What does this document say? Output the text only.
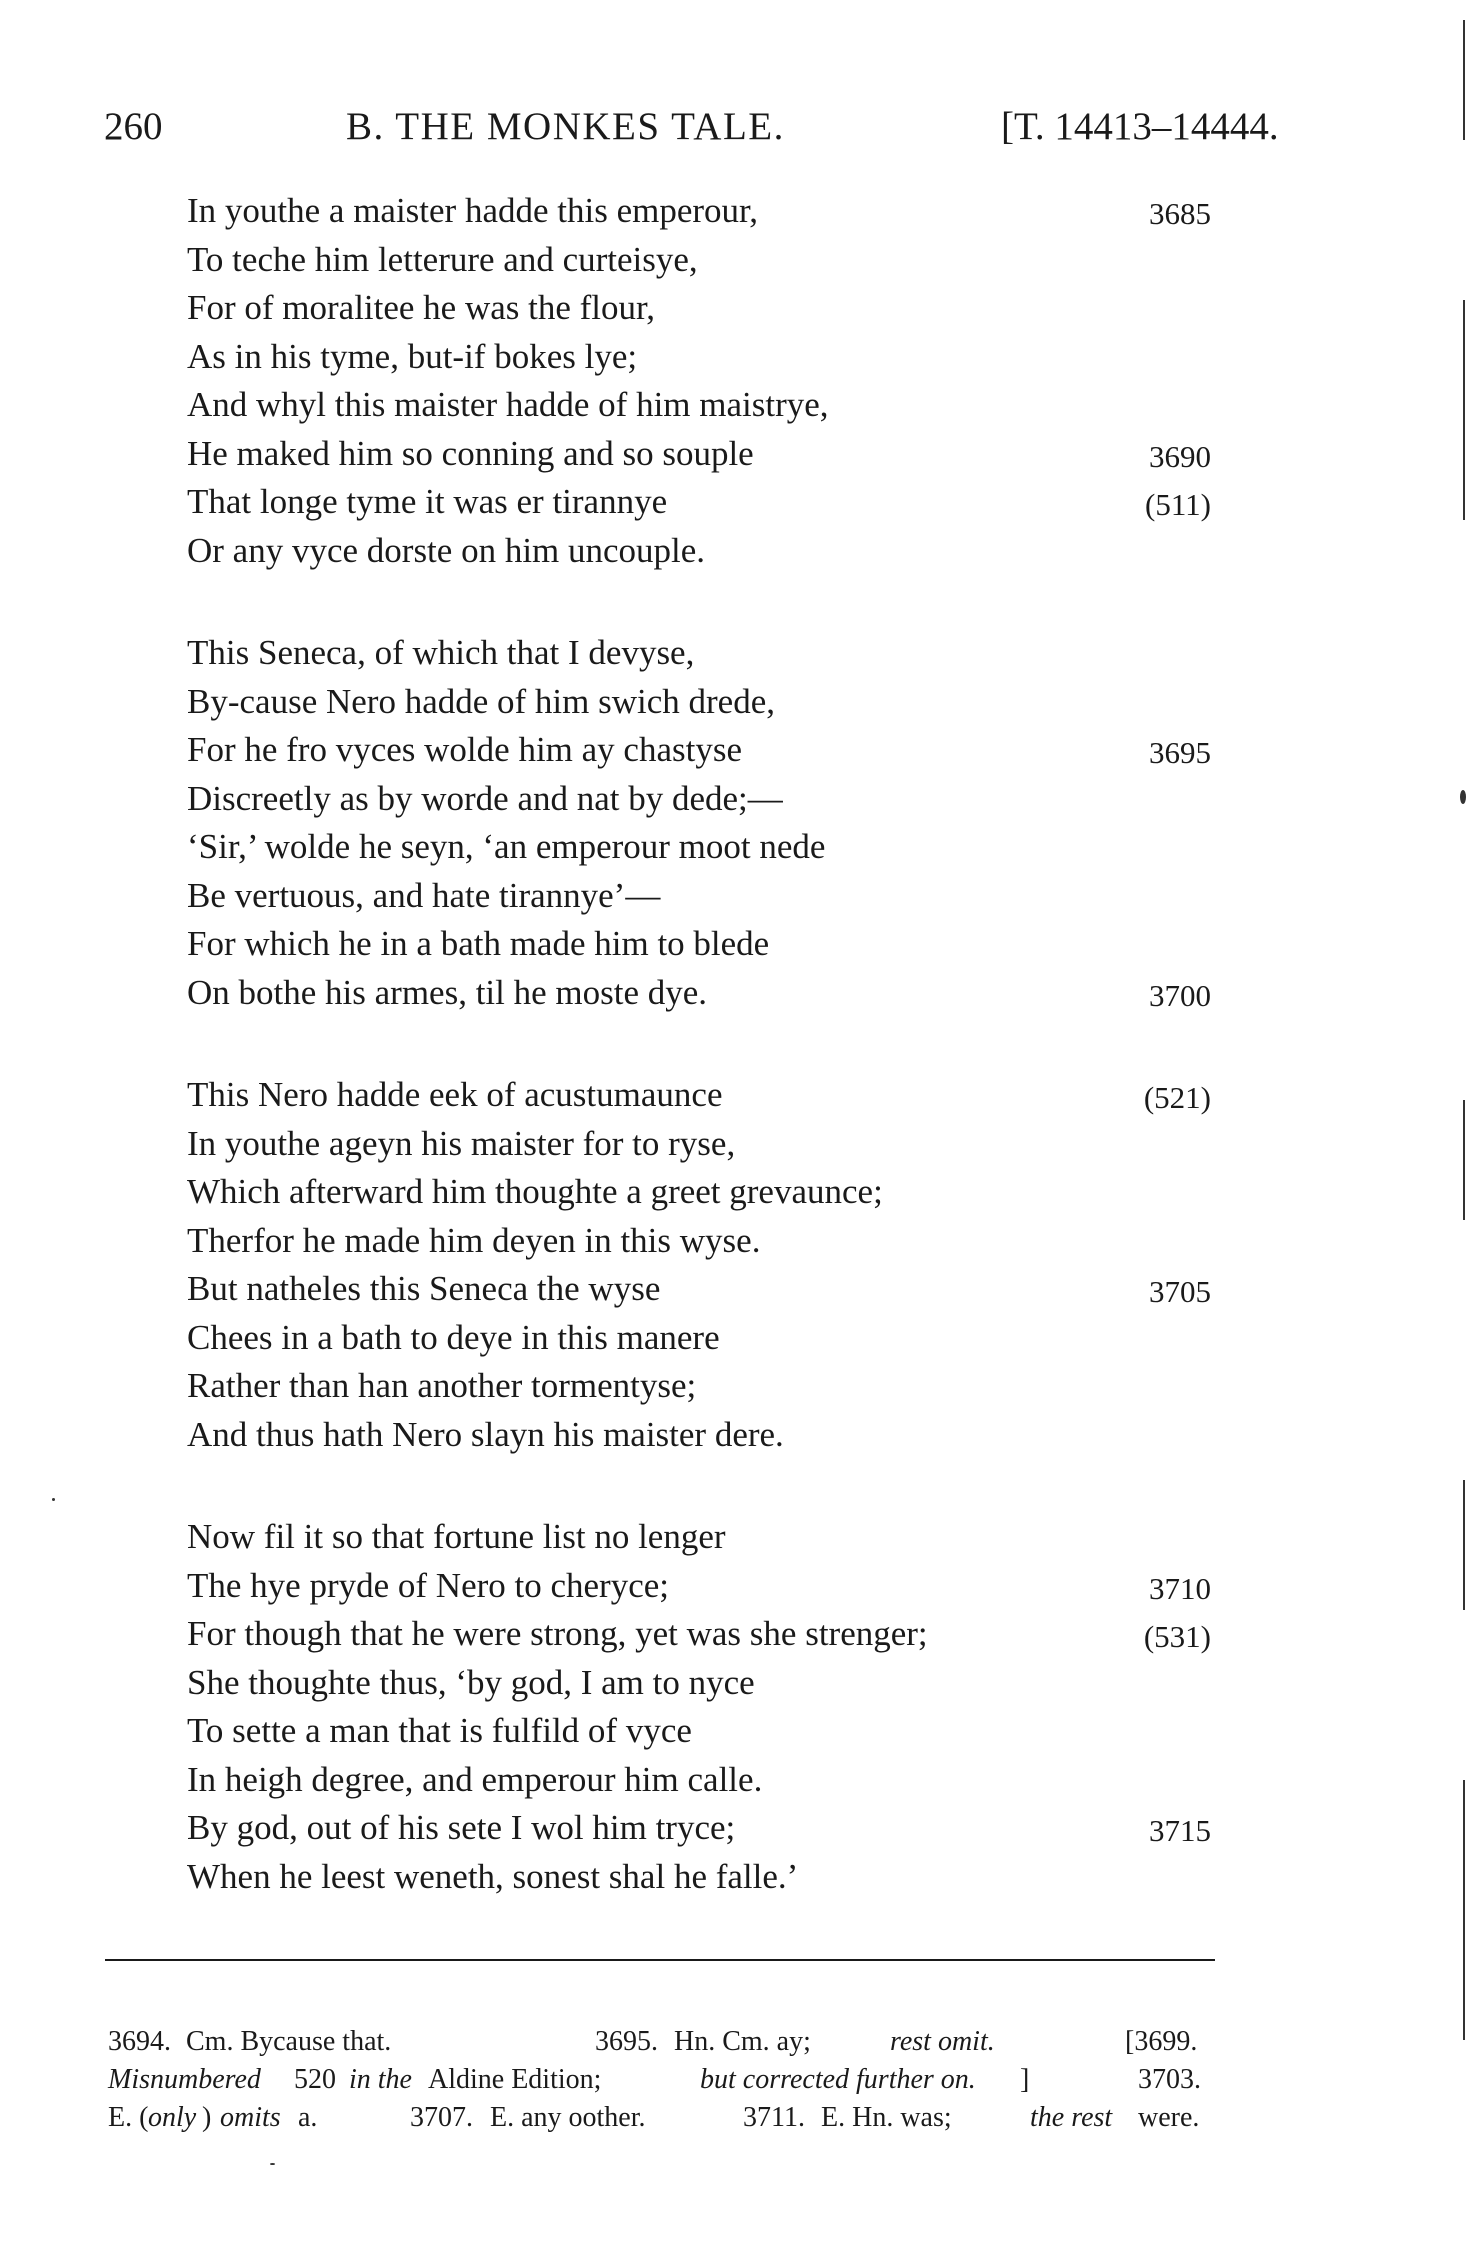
260	B. THE MONKES TALE.	[T. 14413–14444.
In youthe a maister hadde this emperour,	3685
To teche him letterure and curteisye,
For of moralitee he was the flour,
As in his tyme, but-if bokes lye;
And whyl this maister hadde of him maistrye,
He maked him so conning and so souple	3690
That longe tyme it was er tirannye	(511)
Or any vyce dorste on him uncouple.
This Seneca, of which that I devyse,
By-cause Nero hadde of him swich drede,
For he fro vyces wolde him ay chastyse	3695
Discreetly as by worde and nat by dede;—
‘Sir,’ wolde he seyn, ‘an emperour moot nede
Be vertuous, and hate tirannye’—
For which he in a bath made him to blede
On bothe his armes, til he moste dye.	3700
This Nero hadde eek of acustumaunce	(521)
In youthe ageyn his maister for to ryse,
Which afterward him thoughte a greet grevaunce;
Therfor he made him deyen in this wyse.
But natheles this Seneca the wyse	3705
Chees in a bath to deye in this manere
Rather than han another tormentyse;
And thus hath Nero slayn his maister dere.
Now fil it so that fortune list no lenger
The hye pryde of Nero to cheryce;	3710
For though that he were strong, yet was she strenger;	(531)
She thoughte thus, ‘by god, I am to nyce
To sette a man that is fulfild of vyce
In heigh degree, and emperour him calle.
By god, out of his sete I wol him tryce;	3715
When he leest weneth, sonest shal he falle.’
3694. Cm. Bycause that.	3695. Hn. Cm. ay;	rest omit.	[3699.
Misnumbered 520 in the Aldine Edition;	but corrected further on. ]	3703.
E. ( only ) omits a.	3707. E. any oother.	3711. E. Hn. was;	the rest were.
